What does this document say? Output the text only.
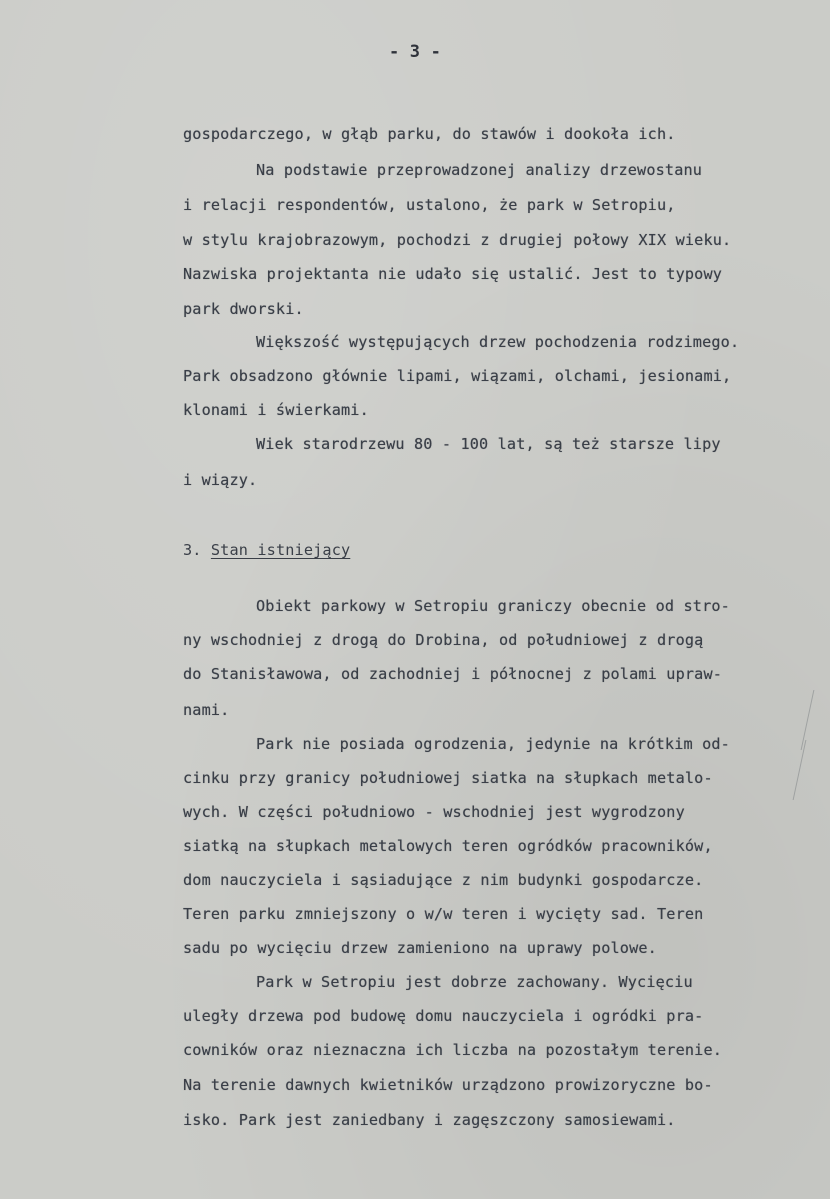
- 3 -
gospodarczego, w głąb parku, do stawów i dookoła ich.
Na podstawie przeprowadzonej analizy drzewostanu
i relacji respondentów, ustalono, że park w Setropiu,
w stylu krajobrazowym, pochodzi z drugiej połowy XIX wieku.
Nazwiska projektanta nie udało się ustalić. Jest to typowy
park dworski.
Większość występujących drzew pochodzenia rodzimego.
Park obsadzono głównie lipami, wiązami, olchami, jesionami,
klonami i świerkami.
Wiek starodrzewu 80 - 100 lat, są też starsze lipy
i wiązy.
3. Stan istniejący
Obiekt parkowy w Setropiu graniczy obecnie od stro-
ny wschodniej z drogą do Drobina, od południowej z drogą
do Stanisławowa, od zachodniej i północnej z polami upraw-
nami.
Park nie posiada ogrodzenia, jedynie na krótkim od-
cinku przy granicy południowej siatka na słupkach metalo-
wych. W części południowo - wschodniej jest wygrodzony
siatką na słupkach metalowych teren ogródków pracowników,
dom nauczyciela i sąsiadujące z nim budynki gospodarcze.
Teren parku zmniejszony o w/w teren i wycięty sad. Teren
sadu po wycięciu drzew zamieniono na uprawy polowe.
Park w Setropiu jest dobrze zachowany. Wycięciu
uległy drzewa pod budowę domu nauczyciela i ogródki pra-
cowników oraz nieznaczna ich liczba na pozostałym terenie.
Na terenie dawnych kwietników urządzono prowizoryczne bo-
isko. Park jest zaniedbany i zagęszczony samosiewami.
